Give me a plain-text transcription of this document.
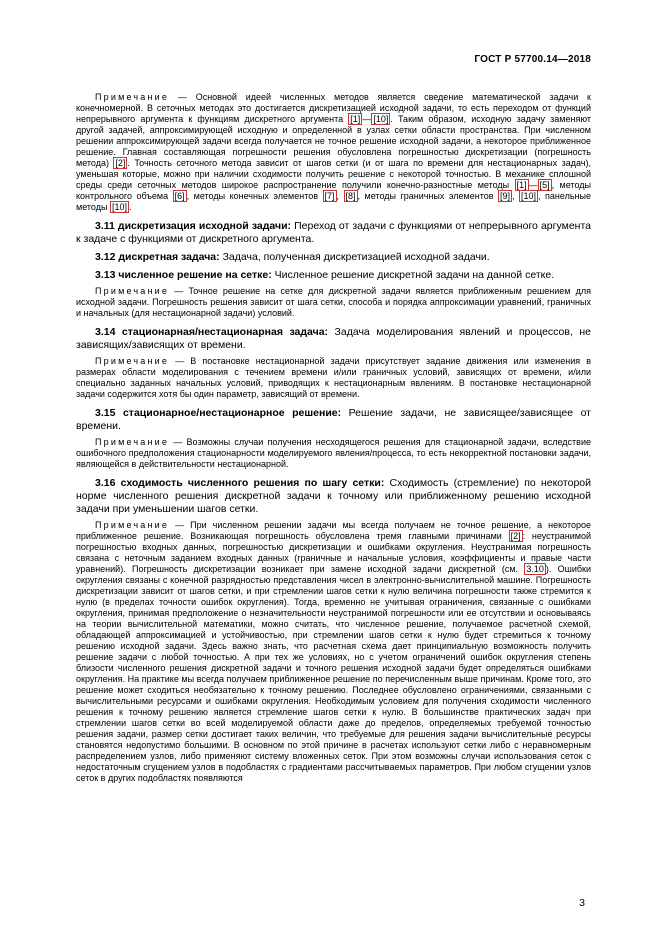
ГОСТ Р 57700.14—2018

Примечание — Основной идеей численных методов является сведение математической задачи к конечномерной. В сеточных методах это достигается дискретизацией исходной задачи, то есть переходом от функций непрерывного аргумента к функциям дискретного аргумента [1] — [10] . Таким образом, исходную задачу заменяют другой задачей, аппроксимирующей исходную и определенной в узлах сетки области пространства. При численном решении аппроксимирующей задачи всегда получается не точное решение исходной задачи, а некоторое приближенное решение. Главная составляющая погрешности решения обусловлена погрешностью дискретизации (погрешность метода) [2] . Точность сеточного метода зависит от шагов сетки (и от шага по времени для нестационарных задач), уменьшая которые, можно при наличии сходимости получить решение с некоторой точностью. В механике сплошной среды среди сеточных методов широкое распространение получили конечно-разностные методы [1] — [5] , методы контрольного объема [6] , методы конечных элементов [7] , [8] , методы граничных элементов [9] , [10] , панельные методы [10] .

3.11 дискретизация исходной задачи: Переход от задачи с функциями от непрерывного аргумента к задаче с функциями от дискретного аргумента.

3.12 дискретная задача: Задача, полученная дискретизацией исходной задачи.

3.13 численное решение на сетке: Численное решение дискретной задачи на данной сетке.

Примечание — Точное решение на сетке для дискретной задачи является приближенным решением для исходной задачи. Погрешность решения зависит от шага сетки, способа и порядка аппроксимации уравнений, граничных и начальных (для нестационарной задачи) условий.

3.14 стационарная/нестационарная задача: Задача моделирования явлений и процессов, не зависящих/зависящих от времени.

Примечание — В постановке нестационарной задачи присутствует задание движения или изменения в размерах области моделирования с течением времени и/или граничных условий, зависящих от времени, и/или специально заданных начальных условий, приводящих к нестационарным явлениям. В постановке нестационарной задачи содержится хотя бы один параметр, зависящий от времени.

3.15 стационарное/нестационарное решение: Решение задачи, не зависящее/зависящее от времени.

Примечание — Возможны случаи получения несходящегося решения для стационарной задачи, вследствие ошибочного предположения стационарности моделируемого явления/процесса, то есть некорректной постановки задачи, являющейся в действительности нестационарной.

3.16 сходимость численного решения по шагу сетки: Сходимость (стремление) по некоторой норме численного решения дискретной задачи к точному или приближенному решению исходной задачи при уменьшении шагов сетки.

Примечание — При численном решении задачи мы всегда получаем не точное решение, а некоторое приближенное решение. Возникающая погрешность обусловлена тремя главными причинами [2] : неустранимой погрешностью входных данных, погрешностью дискретизации и ошибками округления. Неустранимая погрешность связана с неточным заданием входных данных (граничные и начальные условия, коэффициенты и правые части уравнений). Погрешность дискретизации возникает при замене исходной задачи дискретной (см. 3.10 ). Ошибки округления связаны с конечной разрядностью представления чисел в электронно-вычислительной машине. Погрешность дискретизации зависит от шагов сетки, и при стремлении шагов сетки к нулю величина погрешности также стремится к нулю (в пределах точности ошибок округления). Тогда, временно не учитывая ограничения, связанные с ошибками округления, принимая предположение о незначительности неустранимой погрешности или ее отсутствии и основываясь на теории вычислительной математики, можно считать, что численное решение, получаемое расчетной схемой, обладающей аппроксимацией и устойчивостью, при стремлении шагов сетки к нулю будет стремиться к точному решению исходной задачи. Здесь важно знать, что расчетная схема дает принципиальную возможность получить решение задачи с любой точностью. А при тех же условиях, но с учетом ограничений ошибок округления степень близости численного решения дискретной задачи и точного решения исходной задачи будет определяться ошибками округления. На практике мы всегда получаем приближенное решение по перечисленным выше причинам. Кроме того, это решение может сходиться необязательно к точному решению. Последнее обусловлено ограничениями, связанными с вычислительными ресурсами и ошибками округления. Необходимым условием для получения сходимости численного решения к точному решению является стремление шагов сетки к нулю. В большинстве практических задач при стремлении шагов сетки во всей моделируемой области даже до пределов, определяемых требуемой точностью решения задачи, размер сетки достигает таких величин, что требуемые для решения задачи вычислительные ресурсы становятся недопустимо большими. В основном по этой причине в расчетах используют сетки либо с неравномерным распределением узлов, либо применяют систему вложенных сеток. При этом возможны случаи использования сеток с недостаточным сгущением узлов в подобластях с градиентами рассчитываемых параметров. При любом сгущении узлов сеток в других подобластях появляются

3
